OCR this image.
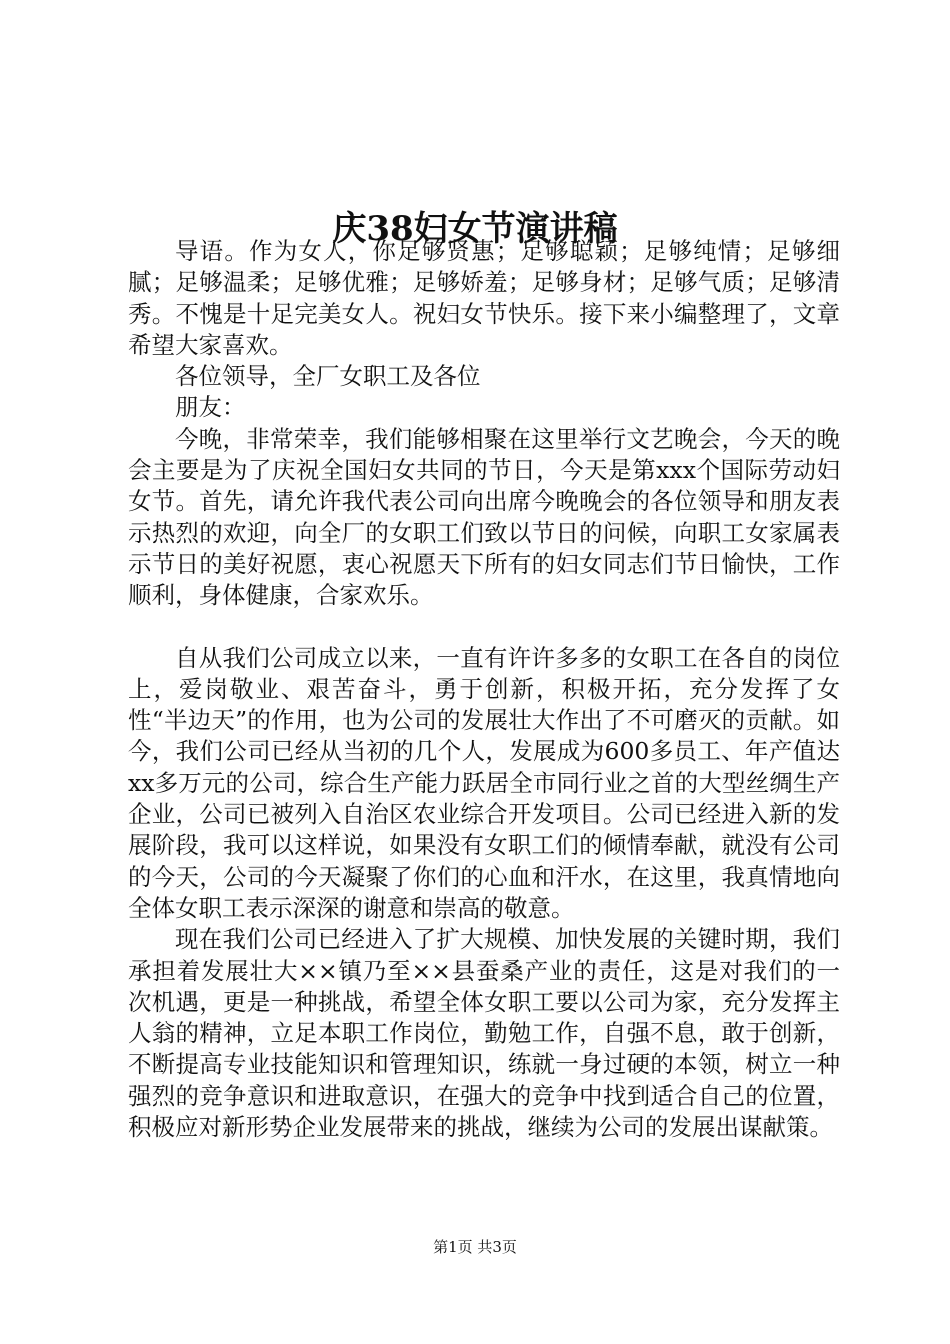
庆38妇女节演讲稿

导语。作为女人，你足够贤惠；足够聪颖；足够纯情；足够细腻；足够温柔；足够优雅；足够娇羞；足够身材；足够气质；足够清秀。不愧是十足完美女人。祝妇女节快乐。接下来小编整理了，文章希望大家喜欢。

各位领导，全厂女职工及各位

朋友：

今晚，非常荣幸，我们能够相聚在这里举行文艺晚会，今天的晚会主要是为了庆祝全国妇女共同的节日，今天是第xxx个国际劳动妇女节。首先，请允许我代表公司向出席今晚晚会的各位领导和朋友表示热烈的欢迎，向全厂的女职工们致以节日的问候，向职工女家属表示节日的美好祝愿，衷心祝愿天下所有的妇女同志们节日愉快，工作顺利，身体健康，合家欢乐。

自从我们公司成立以来，一直有许许多多的女职工在各自的岗位上，爱岗敬业、艰苦奋斗，勇于创新，积极开拓，充分发挥了女性“半边天”的作用，也为公司的发展壮大作出了不可磨灭的贡献。如今，我们公司已经从当初的几个人，发展成为600多员工、年产值达xx多万元的公司，综合生产能力跃居全市同行业之首的大型丝绸生产企业，公司已被列入自治区农业综合开发项目。公司已经进入新的发展阶段，我可以这样说，如果没有女职工们的倾情奉献，就没有公司的今天，公司的今天凝聚了你们的心血和汗水，在这里，我真情地向全体女职工表示深深的谢意和崇高的敬意。

现在我们公司已经进入了扩大规模、加快发展的关键时期，我们承担着发展壮大××镇乃至××县蚕桑产业的责任，这是对我们的一次机遇，更是一种挑战，希望全体女职工要以公司为家，充分发挥主人翁的精神，立足本职工作岗位，勤勉工作，自强不息，敢于创新，不断提高专业技能知识和管理知识，练就一身过硬的本领，树立一种强烈的竞争意识和进取意识，在强大的竞争中找到适合自己的位置，积极应对新形势企业发展带来的挑战，继续为公司的发展出谋献策。

第1页 共3页
